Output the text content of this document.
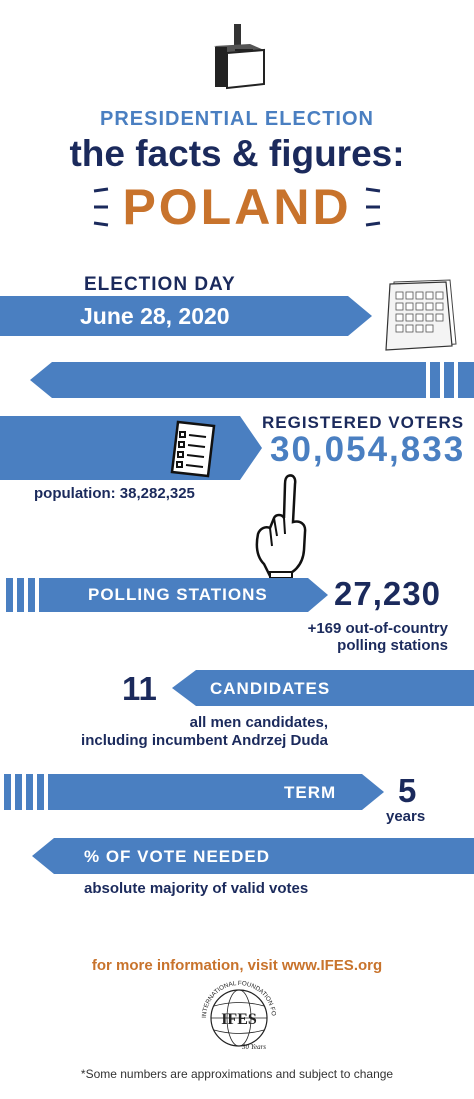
PRESIDENTIAL ELECTION
the facts & figures:
POLAND
ELECTION DAY
June 28, 2020
REGISTERED VOTERS
30,054,833
population: 38,282,325
POLLING STATIONS 27,230
+169 out-of-country
polling stations
11	CANDIDATES
all men candidates,
including incumbent Andrzej Duda
TERM 5
years
% OF VOTE NEEDED
absolute majority of valid votes
for more information, visit www.IFES.org
INTERNATIONAL FOUNDATION FO
IFES
30 Years
*Some numbers are approximations and subject to change
